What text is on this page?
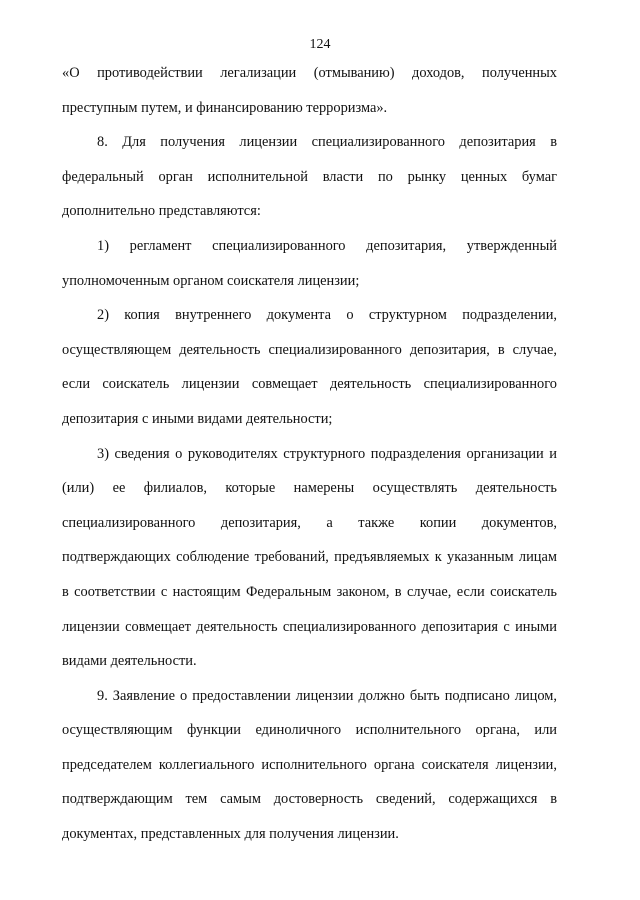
124

«О противодействии легализации (отмыванию) доходов, полученных преступным путем, и финансированию терроризма».

8. Для получения лицензии специализированного депозитария в федеральный орган исполнительной власти по рынку ценных бумаг дополнительно представляются:

1) регламент специализированного депозитария, утвержденный уполномоченным органом соискателя лицензии;

2) копия внутреннего документа о структурном подразделении, осуществляющем деятельность специализированного депозитария, в случае, если соискатель лицензии совмещает деятельность специализированного депозитария с иными видами деятельности;

3) сведения о руководителях структурного подразделения организации и (или) ее филиалов, которые намерены осуществлять деятельность специализированного депозитария, а также копии документов, подтверждающих соблюдение требований, предъявляемых к указанным лицам в соответствии с настоящим Федеральным законом, в случае, если соискатель лицензии совмещает деятельность специализированного депозитария с иными видами деятельности.

9. Заявление о предоставлении лицензии должно быть подписано лицом, осуществляющим функции единоличного исполнительного органа, или председателем коллегиального исполнительного органа соискателя лицензии, подтверждающим тем самым достоверность сведений, содержащихся в документах, представленных для получения лицензии.
